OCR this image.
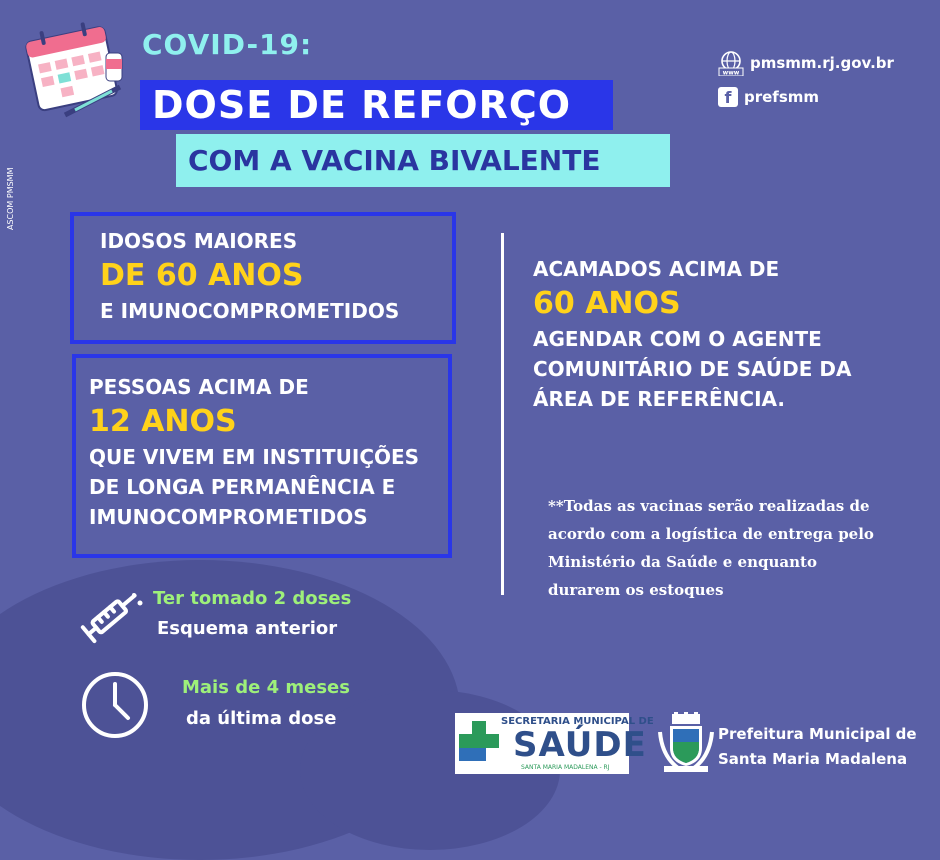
COVID-19:
DOSE DE REFORÇO
COM A VACINA BIVALENTE
ASCOM PMSMM
www
pmsmm.rj.gov.br
f prefsmm
IDOSOS MAIORES
DE 60 ANOS
E IMUNOCOMPROMETIDOS
PESSOAS ACIMA DE
12 ANOS
QUE VIVEM EM INSTITUIÇÕES
DE LONGA PERMANÊNCIA E
IMUNOCOMPROMETIDOS
ACAMADOS ACIMA DE
60 ANOS
AGENDAR COM O AGENTE
COMUNITÁRIO DE SAÚDE DA
ÁREA DE REFERÊNCIA.
**Todas as vacinas serão realizadas de
acordo com a logística de entrega pelo
Ministério da Saúde e enquanto
durarem os estoques
Ter tomado 2 doses
Esquema anterior
Mais de 4 meses
da última dose	SECRETARIA MUNICIPAL DE
SAÚDE
SANTA MARIA MADALENA - RJ
Prefeitura Municipal de
Santa Maria Madalena
